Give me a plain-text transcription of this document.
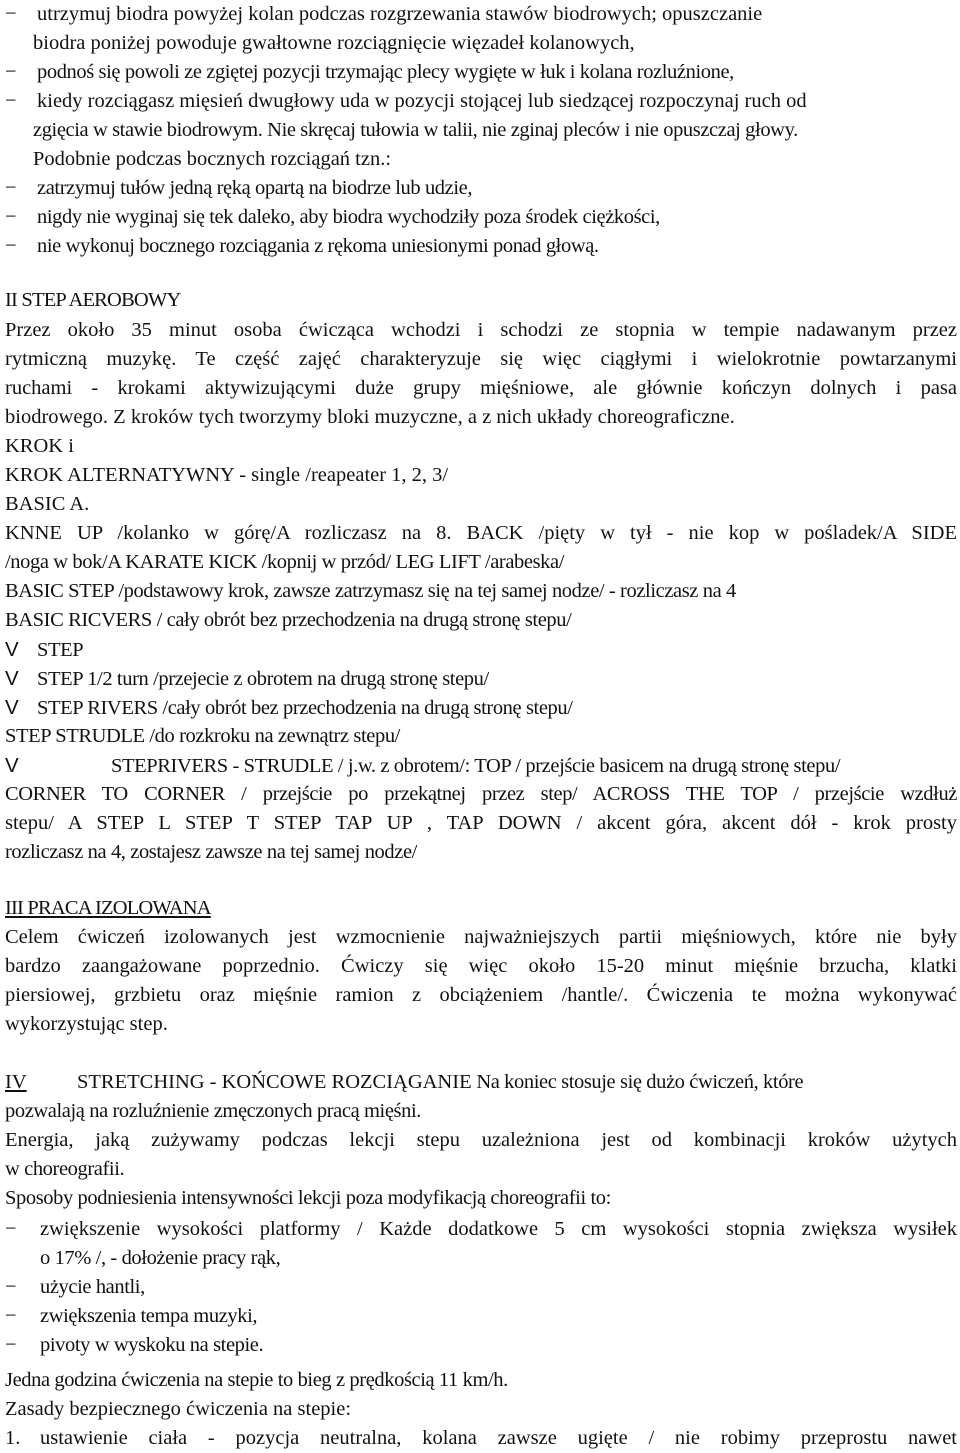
− utrzymuj biodra powyżej kolan podczas rozgrzewania stawów biodrowych; opuszczanie
biodra poniżej powoduje gwałtowne rozciągnięcie więzadeł kolanowych,
− podnoś się powoli ze zgiętej pozycji trzymając plecy wygięte w łuk i kolana rozluźnione,
− kiedy rozciągasz mięsień dwugłowy uda w pozycji stojącej lub siedzącej rozpoczynaj ruch od
zgięcia w stawie biodrowym. Nie skręcaj tułowia w talii, nie zginaj pleców i nie opuszczaj głowy.
Podobnie podczas bocznych rozciągań tzn.:
− zatrzymuj tułów jedną ręką opartą na biodrze lub udzie,
− nigdy nie wyginaj się tek daleko, aby biodra wychodziły poza środek ciężkości,
− nie wykonuj bocznego rozciągania z rękoma uniesionymi ponad głową.
II STEP AEROBOWY
Przez około 35 minut osoba ćwicząca wchodzi i schodzi ze stopnia w tempie nadawanym przez
rytmiczną muzykę. Te część zajęć charakteryzuje się więc ciągłymi i wielokrotnie powtarzanymi
ruchami - krokami aktywizującymi duże grupy mięśniowe, ale głównie kończyn dolnych i pasa
biodrowego. Z kroków tych tworzymy bloki muzyczne, a z nich układy choreograficzne.
KROK i
KROK ALTERNATYWNY - single /reapeater 1, 2, 3/
BASIC A.
KNNE UP /kolanko w górę/A rozliczasz na 8. BACK /pięty w tył - nie kop w pośladek/A SIDE
/noga w bok/A KARATE KICK /kopnij w przód/ LEG LIFT /arabeska/
BASIC STEP /podstawowy krok, zawsze zatrzymasz się na tej samej nodze/ - rozliczasz na 4
BASIC RICVERS / cały obrót bez przechodzenia na drugą stronę stepu/
V STEP
V STEP 1/2 turn /przejecie z obrotem na drugą stronę stepu/
V STEP RIVERS /cały obrót bez przechodzenia na drugą stronę stepu/
STEP STRUDLE /do rozkroku na zewnątrz stepu/
V	STEPRIVERS - STRUDLE / j.w. z obrotem/: TOP / przejście basicem na drugą stronę stepu/
CORNER TO CORNER / przejście po przekątnej przez step/ ACROSS THE TOP / przejście wzdłuż
stepu/ A STEP L STEP T STEP TAP UP , TAP DOWN / akcent góra, akcent dół - krok prosty
rozliczasz na 4, zostajesz zawsze na tej samej nodze/
III PRACA IZOLOWANA
Celem ćwiczeń izolowanych jest wzmocnienie najważniejszych partii mięśniowych, które nie były
bardzo zaangażowane poprzednio. Ćwiczy się więc około 15-20 minut mięśnie brzucha, klatki
piersiowej, grzbietu oraz mięśnie ramion z obciążeniem /hantle/. Ćwiczenia te można wykonywać
wykorzystując step.
IV STRETCHING - KOŃCOWE ROZCIĄGANIE Na koniec stosuje się dużo ćwiczeń, które
pozwalają na rozluźnienie zmęczonych pracą mięśni.
Energia, jaką zużywamy podczas lekcji stepu uzależniona jest od kombinacji kroków użytych
w choreografii.
Sposoby podniesienia intensywności lekcji poza modyfikacją choreografii to:
− zwiększenie wysokości platformy / Każde dodatkowe 5 cm wysokości stopnia zwiększa wysiłek
o 17% /, - dołożenie pracy rąk,
− użycie hantli,
− zwiększenia tempa muzyki,
− pivoty w wyskoku na stepie.
Jedna godzina ćwiczenia na stepie to bieg z prędkością 11 km/h.
Zasady bezpiecznego ćwiczenia na stepie:
1. ustawienie ciała - pozycja neutralna, kolana zawsze ugięte / nie robimy przeprostu nawet
